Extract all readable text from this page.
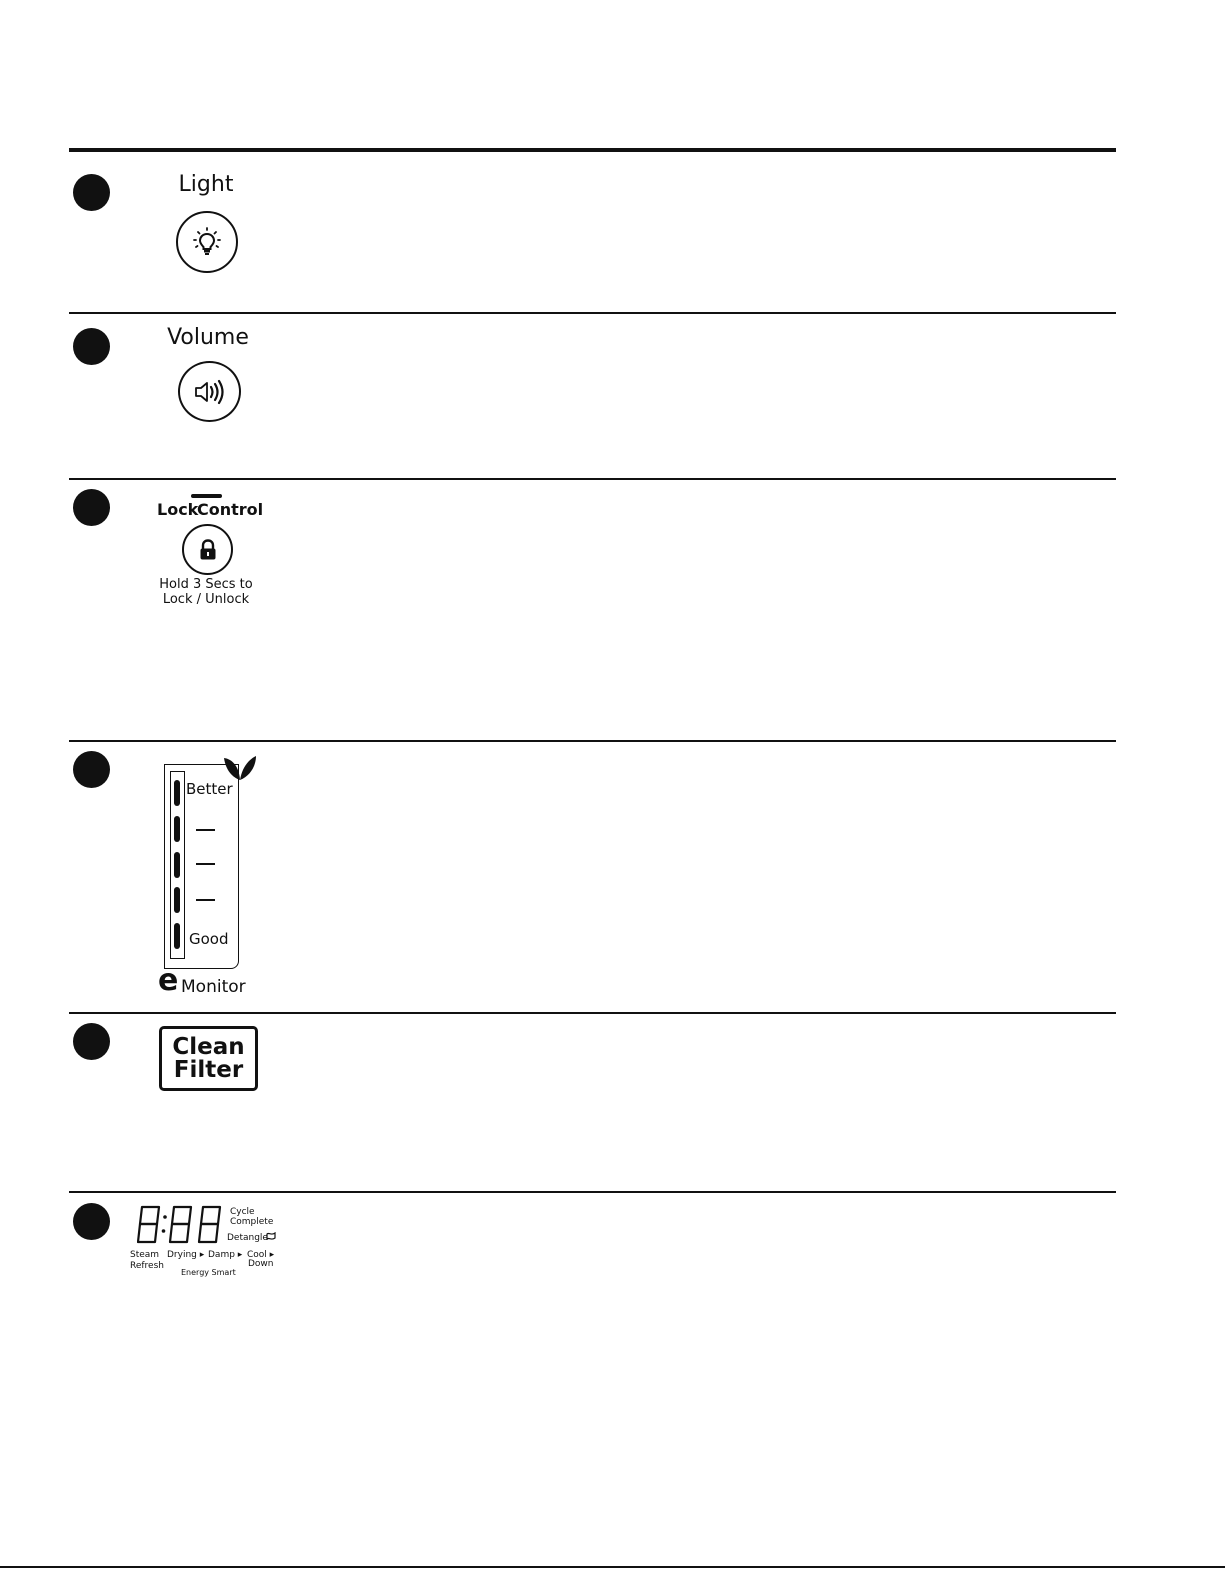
Light
Volume
Lock
Control
Hold 3 Secs to
Lock / Unlock
Better
Good
e Monitor
Clean
Filter
Cycle
Complete
Detangle
Steam
Refresh
Drying ▸ Damp ▸ Cool ▸
Down
Energy Smart
